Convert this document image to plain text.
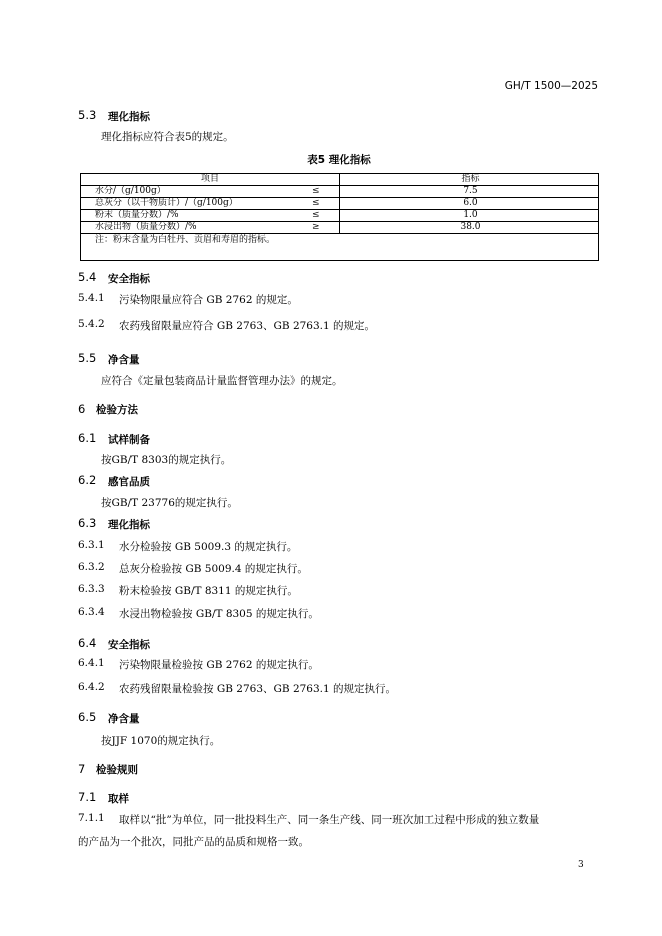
GH/T 1500—2025
5.3 理化指标
理化指标应符合表5的规定。
表5 理化指标
项目	指标
水分/（g/100g）	≤	7.5
总灰分（以干物质计）/（g/100g）	≤	6.0
粉末（质量分数）/%	≤	1.0
水浸出物（质量分数）/%	≥	38.0
注：粉末含量为白牡丹、贡眉和寿眉的指标。
5.4 安全指标
5.4.1 污染物限量应符合 GB 2762 的规定。
5.4.2 农药残留限量应符合 GB 2763、GB 2763.1 的规定。
5.5 净含量
应符合《定量包装商品计量监督管理办法》的规定。
6 检验方法
6.1 试样制备
按GB/T 8303的规定执行。
6.2 感官品质
按GB/T 23776的规定执行。
6.3 理化指标
6.3.1 水分检验按 GB 5009.3 的规定执行。
6.3.2 总灰分检验按 GB 5009.4 的规定执行。
6.3.3 粉末检验按 GB/T 8311 的规定执行。
6.3.4 水浸出物检验按 GB/T 8305 的规定执行。
6.4 安全指标
6.4.1 污染物限量检验按 GB 2762 的规定执行。
6.4.2 农药残留限量检验按 GB 2763、GB 2763.1 的规定执行。
6.5 净含量
按JJF 1070的规定执行。
7 检验规则
7.1 取样
7.1.1 取样以“批”为单位，同一批投料生产、同一条生产线、同一班次加工过程中形成的独立数量
的产品为一个批次，同批产品的品质和规格一致。
3
